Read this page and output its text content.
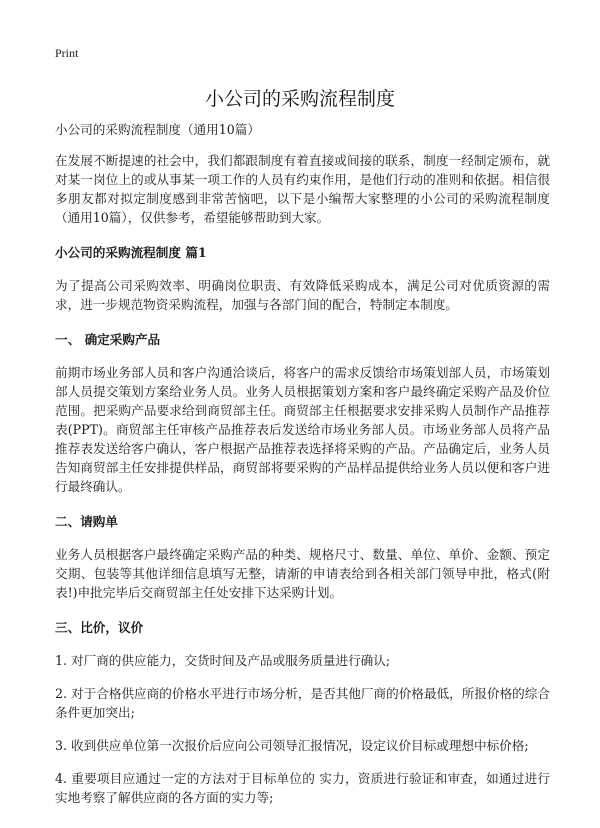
Print
小公司的采购流程制度

小公司的采购流程制度（通用10篇）

在发展不断提速的社会中，我们都跟制度有着直接或间接的联系，制度一经制定颁布，就对某一岗位上的或从事某一项工作的人员有约束作用，是他们行动的准则和依据。相信很多朋友都对拟定制度感到非常苦恼吧，以下是小编帮大家整理的小公司的采购流程制度（通用10篇），仅供参考，希望能够帮助到大家。

小公司的采购流程制度 篇1

为了提高公司采购效率、明确岗位职责、有效降低采购成本，满足公司对优质资源的需求，进一步规范物资采购流程，加强与各部门间的配合，特制定本制度。

一、 确定采购产品

前期市场业务部人员和客户沟通洽谈后，将客户的需求反馈给市场策划部人员，市场策划部人员提交策划方案给业务人员。业务人员根据策划方案和客户最终确定采购产品及价位范围。把采购产品要求给到商贸部主任。商贸部主任根据要求安排采购人员制作产品推荐表(PPT)。商贸部主任审核产品推荐表后发送给市场业务部人员。市场业务部人员将产品推荐表发送给客户确认，客户根据产品推荐表选择将采购的产品。产品确定后，业务人员告知商贸部主任安排提供样品，商贸部将要采购的产品样品提供给业务人员以便和客户进行最终确认。

二、请购单

业务人员根据客户最终确定采购产品的种类、规格尺寸、数量、单位、单价、金额、预定交期、包装等其他详细信息填写无整，请渐的申请表给到各相关部门领导申批，格式(附表!)申批完毕后交商贸部主任处安排下达采购计划。

三、比价，议价

1. 对厂商的供应能力，交货时间及产品或服务质量进行确认;

2. 对于合格供应商的价格水平进行市场分析，是否其他厂商的价格最低，所报价格的综合条件更加突出;

3. 收到供应单位第一次报价后应向公司领导汇报情况，设定议价目标或理想中标价格;

4. 重要项目应通过一定的方法对于目标单位的 实力，资质进行验证和审查，如通过进行实地考察了解供应商的各方面的实力等;
